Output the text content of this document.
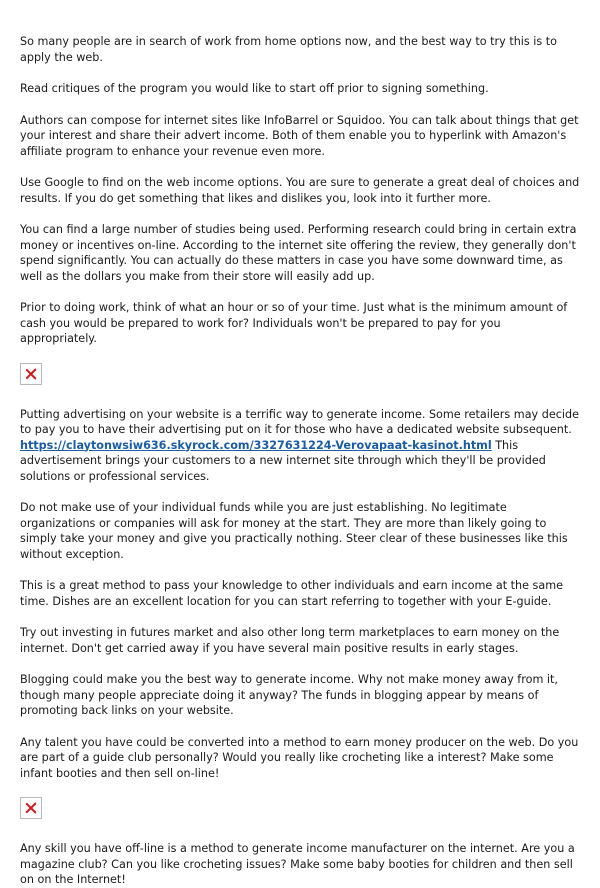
So many people are in search of work from home options now, and the best way to try this is to apply the web.

Read critiques of the program you would like to start off prior to signing something.

Authors can compose for internet sites like InfoBarrel or Squidoo. You can talk about things that get your interest and share their advert income. Both of them enable you to hyperlink with Amazon's affiliate program to enhance your revenue even more.

Use Google to find on the web income options. You are sure to generate a great deal of choices and results. If you do get something that likes and dislikes you, look into it further more.

You can find a large number of studies being used. Performing research could bring in certain extra money or incentives on-line. According to the internet site offering the review, they generally don't spend significantly. You can actually do these matters in case you have some downward time, as well as the dollars you make from their store will easily add up.

Prior to doing work, think of what an hour or so of your time. Just what is the minimum amount of cash you would be prepared to work for? Individuals won't be prepared to pay for you appropriately.

Putting advertising on your website is a terrific way to generate income. Some retailers may decide to pay you to have their advertising put on it for those who have a dedicated website subsequent. https://claytonwsiw636.skyrock.com/3327631224-Verovapaat-kasinot.html This advertisement brings your customers to a new internet site through which they'll be provided solutions or professional services.

Do not make use of your individual funds while you are just establishing. No legitimate organizations or companies will ask for money at the start. They are more than likely going to simply take your money and give you practically nothing. Steer clear of these businesses like this without exception.

This is a great method to pass your knowledge to other individuals and earn income at the same time. Dishes are an excellent location for you can start referring to together with your E-guide.

Try out investing in futures market and also other long term marketplaces to earn money on the internet. Don't get carried away if you have several main positive results in early stages.

Blogging could make you the best way to generate income. Why not make money away from it, though many people appreciate doing it anyway? The funds in blogging appear by means of promoting back links on your website.

Any talent you have could be converted into a method to earn money producer on the web. Do you are part of a guide club personally? Would you really like crocheting like a interest? Make some infant booties and then sell on-line!

Any skill you have off-line is a method to generate income manufacturer on the internet. Are you a magazine club? Can you like crocheting issues? Make some baby booties for children and then sell on on the Internet!
